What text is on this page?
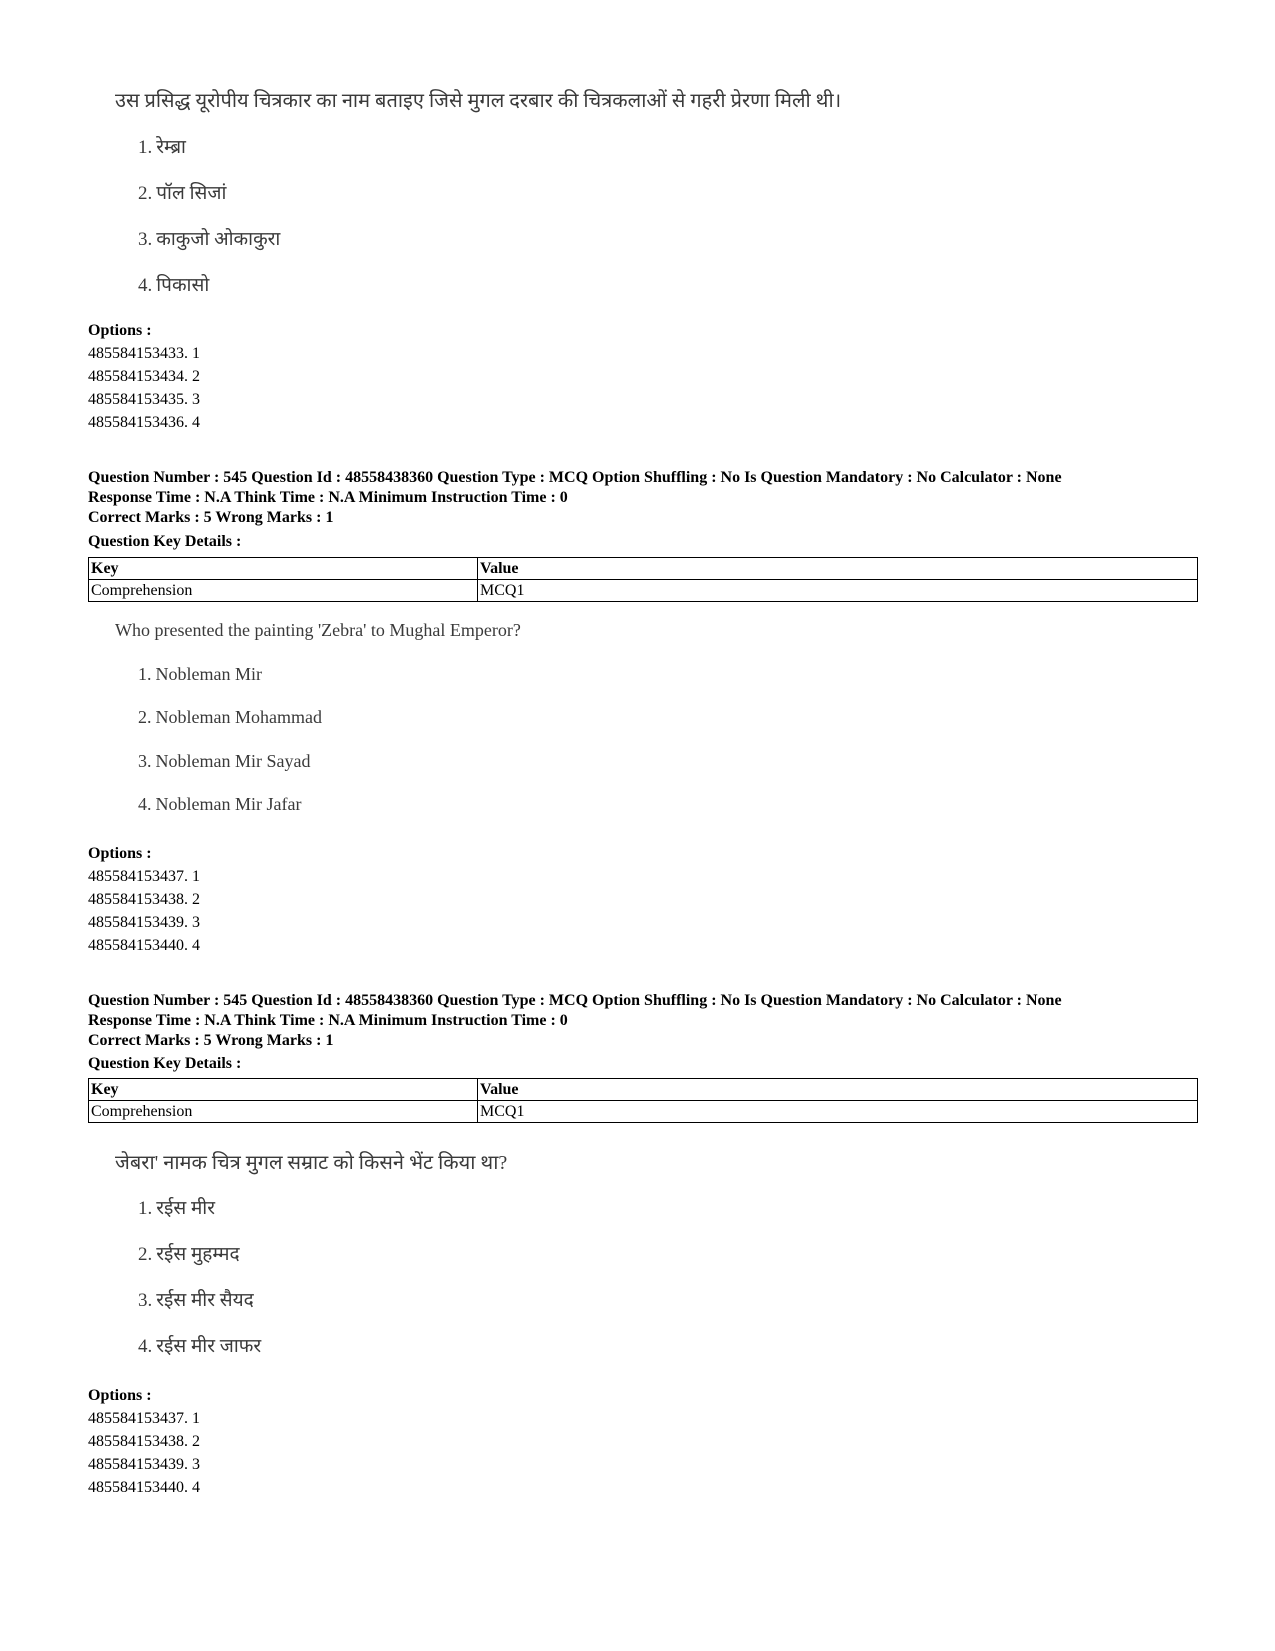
उस प्रसिद्ध यूरोपीय चित्रकार का नाम बताइए जिसे मुगल दरबार की चित्रकलाओं से गहरी प्रेरणा मिली थी।
1. रेम्ब्रा
2. पॉल सिजां
3. काकुजो ओकाकुरा
4. पिकासो
Options :
485584153433. 1
485584153434. 2
485584153435. 3
485584153436. 4
Question Number : 545 Question Id : 48558438360 Question Type : MCQ Option Shuffling : No Is Question Mandatory : No Calculator : None
Response Time : N.A Think Time : N.A Minimum Instruction Time : 0
Correct Marks : 5 Wrong Marks : 1
Question Key Details :
Key	Value
Comprehension	MCQ1
Who presented the painting 'Zebra' to Mughal Emperor?
1. Nobleman Mir
2. Nobleman Mohammad
3. Nobleman Mir Sayad
4. Nobleman Mir Jafar
Options :
485584153437. 1
485584153438. 2
485584153439. 3
485584153440. 4
Question Number : 545 Question Id : 48558438360 Question Type : MCQ Option Shuffling : No Is Question Mandatory : No Calculator : None
Response Time : N.A Think Time : N.A Minimum Instruction Time : 0
Correct Marks : 5 Wrong Marks : 1
Question Key Details :
Key	Value
Comprehension	MCQ1
जेबरा' नामक चित्र मुगल सम्राट को किसने भेंट किया था?
1. रईस मीर
2. रईस मुहम्मद
3. रईस मीर सैयद
4. रईस मीर जाफर
Options :
485584153437. 1
485584153438. 2
485584153439. 3
485584153440. 4
